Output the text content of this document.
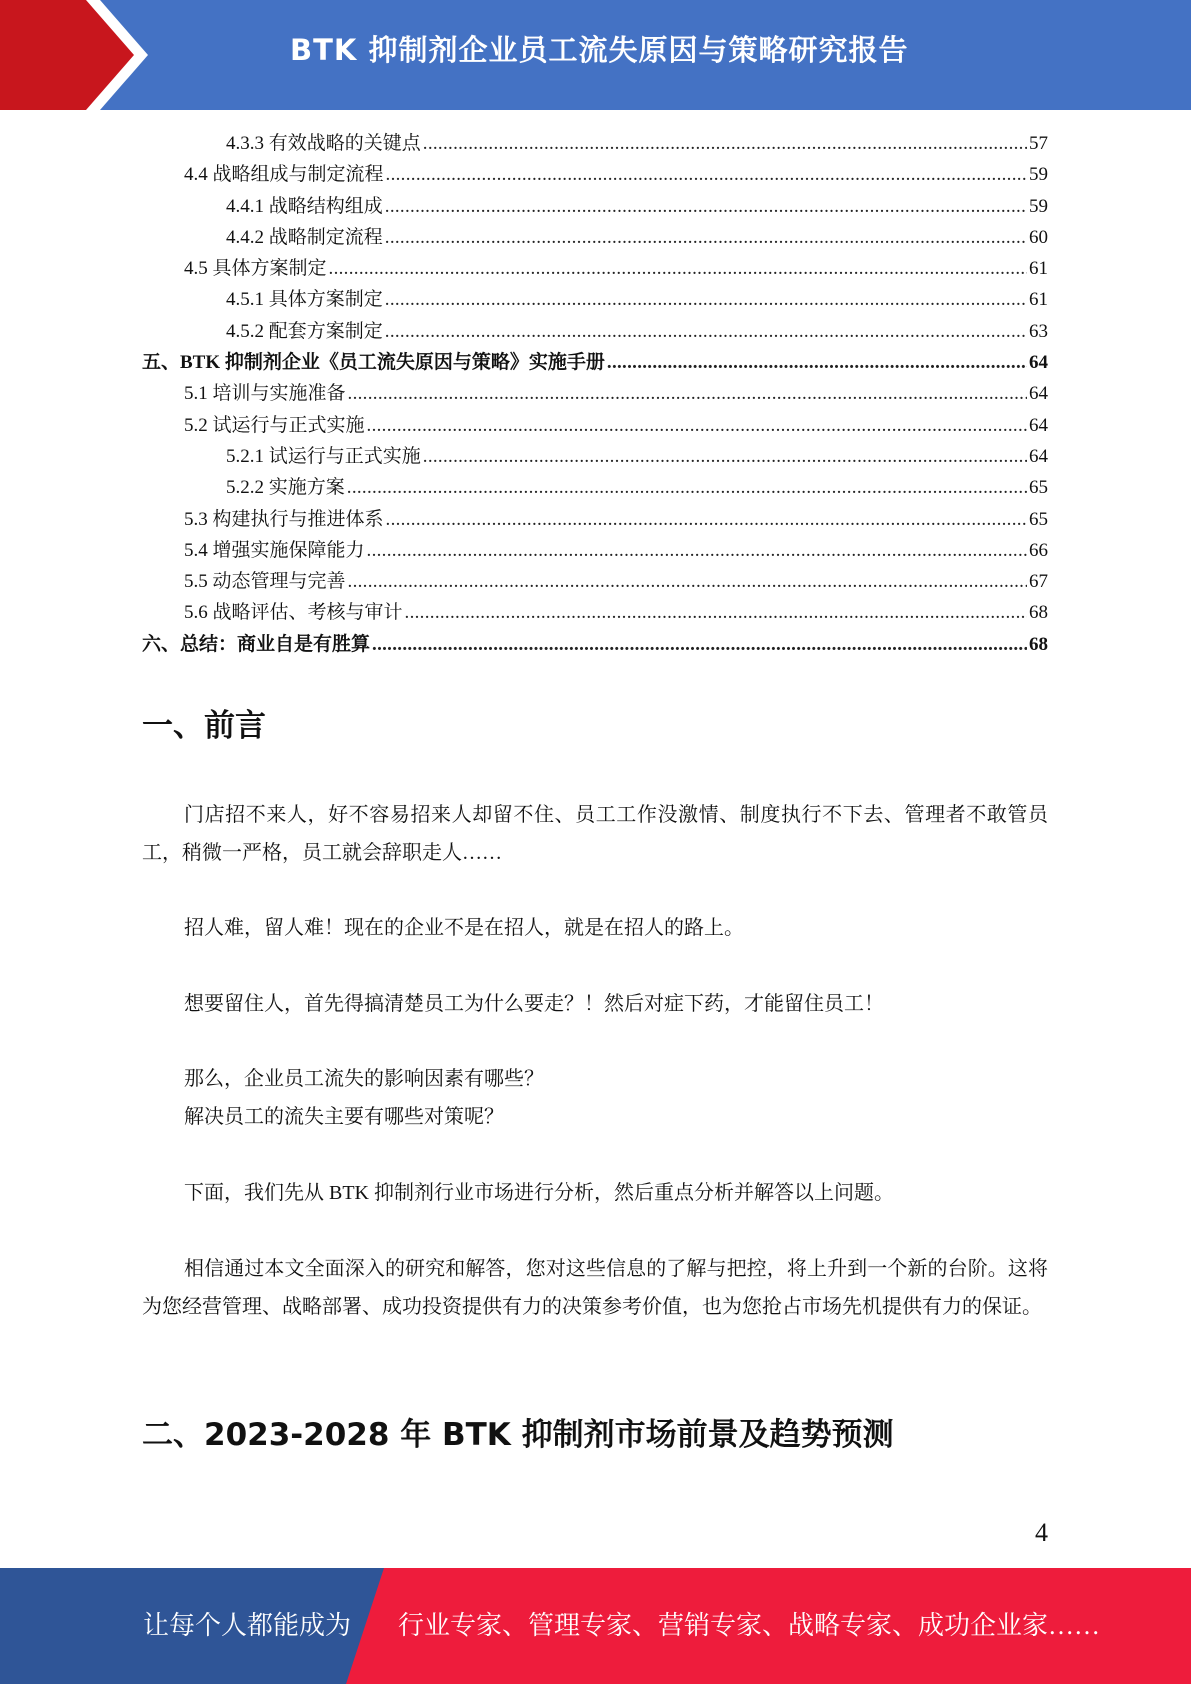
BTK 抑制剂企业员工流失原因与策略研究报告
4.3.3 有效战略的关键点 .....	57
4.4 战略组成与制定流程 .....	59
4.4.1 战略结构组成 .....	59
4.4.2 战略制定流程 .....	60
4.5 具体方案制定 .....	61
4.5.1 具体方案制定 .....	61
4.5.2 配套方案制定 .....	63
五、BTK 抑制剂企业《员工流失原因与策略》实施手册 .....	64
5.1 培训与实施准备 .....	64
5.2 试运行与正式实施 .....	64
5.2.1 试运行与正式实施 .....	64
5.2.2 实施方案 .....	65
5.3 构建执行与推进体系 .....	65
5.4 增强实施保障能力 .....	66
5.5 动态管理与完善 .....	67
5.6 战略评估、考核与审计 .....	68
六、总结：商业自是有胜算 .....	68
一、前言
门店招不来人，好不容易招来人却留不住、员工工作没激情、制度执行不下去、管理者不敢管员工，稍微一严格，员工就会辞职走人……
招人难，留人难！现在的企业不是在招人，就是在招人的路上。
想要留住人，首先得搞清楚员工为什么要走？！然后对症下药，才能留住员工！
那么，企业员工流失的影响因素有哪些？
解决员工的流失主要有哪些对策呢？
下面，我们先从 BTK 抑制剂行业市场进行分析，然后重点分析并解答以上问题。
相信通过本文全面深入的研究和解答，您对这些信息的了解与把控，将上升到一个新的台阶。这将为您经营管理、战略部署、成功投资提供有力的决策参考价值，也为您抢占市场先机提供有力的保证。
二、2023-2028 年 BTK 抑制剂市场前景及趋势预测
4
让每个人都能成为 行业专家、管理专家、营销专家、战略专家、成功企业家……
